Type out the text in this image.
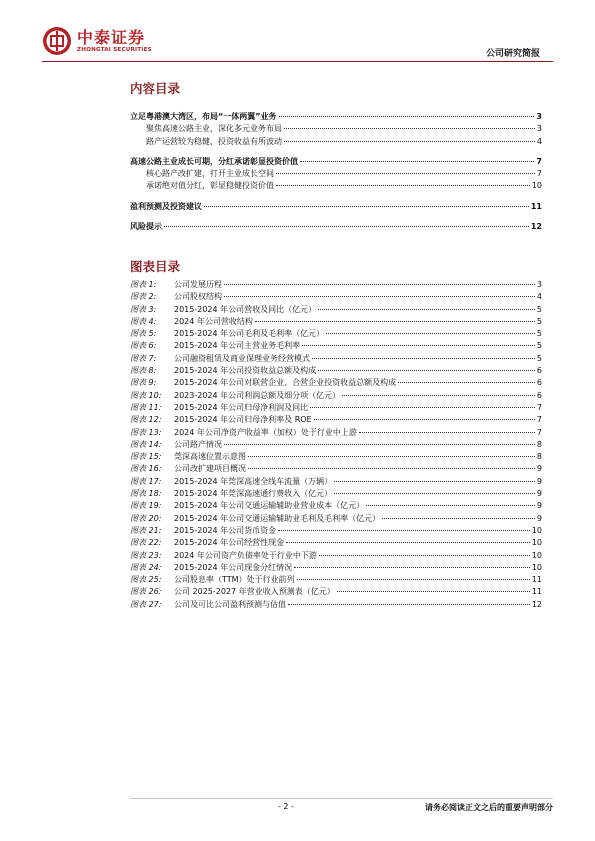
中泰证券
ZHONGTAI SECURITIES	公司研究简报
内容目录
立足粤港澳大湾区，布局“一体两翼”业务	3
聚焦高速公路主业，深化多元业务布局	3
路产运营较为稳健，投资收益有所波动	4
高速公路主业成长可期，分红承诺彰显投资价值	7
核心路产改扩建，打开主业成长空间	7
承诺绝对值分红，彰显稳健投资价值	10
盈利预测及投资建议	11
风险提示	12
图表目录
图表 1:	公司发展历程	3
图表 2:	公司股权结构	4
图表 3:	2015-2024 年公司营收及同比（亿元）	5
图表 4:	2024 年公司营收结构	5
图表 5:	2015-2024 年公司毛利及毛利率（亿元）	5
图表 6:	2015-2024 年公司主营业务毛利率	5
图表 7:	公司融资租赁及商业保理业务经营模式	5
图表 8:	2015-2024 年公司投资收益总额及构成	6
图表 9:	2015-2024 年公司对联营企业、合营企业投资收益总额及构成	6
图表 10:	2023-2024 年公司利润总额及细分项（亿元）	6
图表 11:	2015-2024 年公司归母净利润及同比	7
图表 12:	2015-2024 年公司归母净利率及 ROE	7
图表 13:	2024 年公司净资产收益率（加权）处于行业中上游	7
图表 14:	公司路产情况	8
图表 15:	莞深高速位置示意图	8
图表 16:	公司改扩建项目概况	9
图表 17:	2015-2024 年莞深高速全线车流量（万辆）	9
图表 18:	2015-2024 年莞深高速通行费收入（亿元）	9
图表 19:	2015-2024 年公司交通运输辅助业营业成本（亿元）	9
图表 20:	2015-2024 年公司交通运输辅助业毛利及毛利率（亿元）	9
图表 21:	2015-2024 年公司货币资金	10
图表 22:	2015-2024 年公司经营性现金	10
图表 23:	2024 年公司资产负债率处于行业中下游	10
图表 24:	2015-2024 年公司现金分红情况	10
图表 25:	公司股息率（TTM）处于行业前列	11
图表 26:	公司 2025-2027 年营业收入预测表（亿元）	11
图表 27:	公司及可比公司盈利预测与估值	12
- 2 -	请务必阅读正文之后的重要声明部分
